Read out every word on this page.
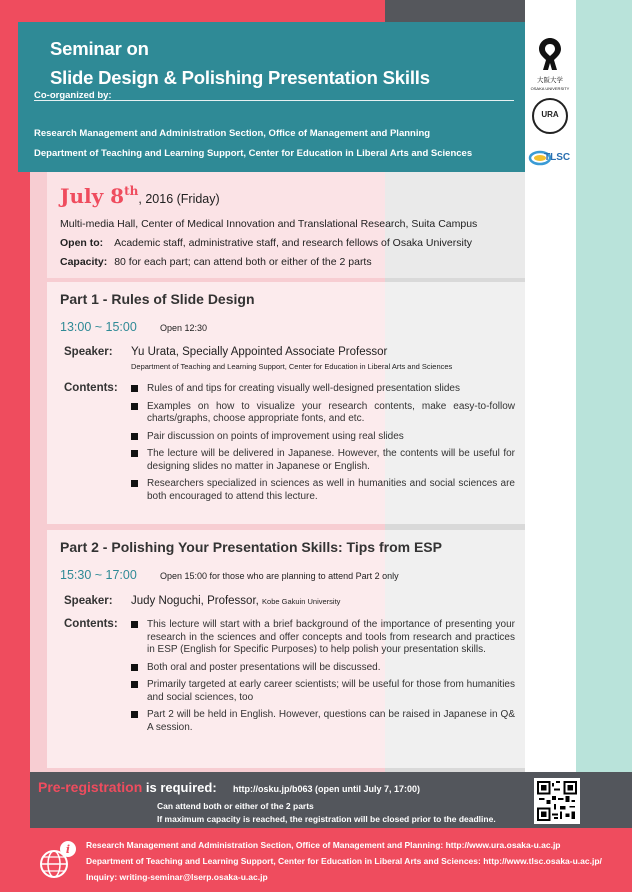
Seminar on
Slide Design & Polishing Presentation Skills
Co-organized by:
Research Management and Administration Section, Office of Management and Planning
Department of Teaching and Learning Support, Center for Education in Liberal Arts and Sciences
大阪大学
OSAKA UNIVERSITY
URA
TLSC
July 8th, 2016 (Friday)
Multi-media Hall, Center of Medical Innovation and Translational Research, Suita Campus
Open to: Academic staff, administrative staff, and research fellows of Osaka University
Capacity: 80 for each part; can attend both or either of the 2 parts
Part 1 - Rules of Slide Design
13:00 ~ 15:00	Open 12:30
Speaker: Yu Urata, Specially Appointed Associate Professor
Department of Teaching and Learning Support, Center for Education in Liberal Arts and Sciences
Contents:	Rules of and tips for creating visually well-designed presentation slides
Examples on how to visualize your research contents, make easy-to-follow charts/graphs, choose appropriate fonts, and etc.
Pair discussion on points of improvement using real slides
The lecture will be delivered in Japanese. However, the contents will be useful for designing slides no matter in Japanese or English.
Researchers specialized in sciences as well in humanities and social sciences are both encouraged to attend this lecture.
Part 2 - Polishing Your Presentation Skills: Tips from ESP
15:30 ~ 17:00	Open 15:00 for those who are planning to attend Part 2 only
Speaker: Judy Noguchi, Professor, Kobe Gakuin University
Contents:	This lecture will start with a brief background of the importance of presenting your research in the sciences and offer concepts and tools from research and practices in ESP (English for Specific Purposes) to help polish your presentation skills.
Both oral and poster presentations will be discussed.
Primarily targeted at early career scientists; will be useful for those from humanities and social sciences, too
Part 2 will be held in English. However, questions can be raised in Japanese in Q& A session.
Pre-registration is required: http://osku.jp/b063 (open until July 7, 17:00)
Can attend both or either of the 2 parts
If maximum capacity is reached, the registration will be closed prior to the deadline.
i Research Management and Administration Section, Office of Management and Planning: http://www.ura.osaka-u.ac.jp
Department of Teaching and Learning Support, Center for Education in Liberal Arts and Sciences: http://www.tlsc.osaka-u.ac.jp/
Inquiry: writing-seminar@lserp.osaka-u.ac.jp
